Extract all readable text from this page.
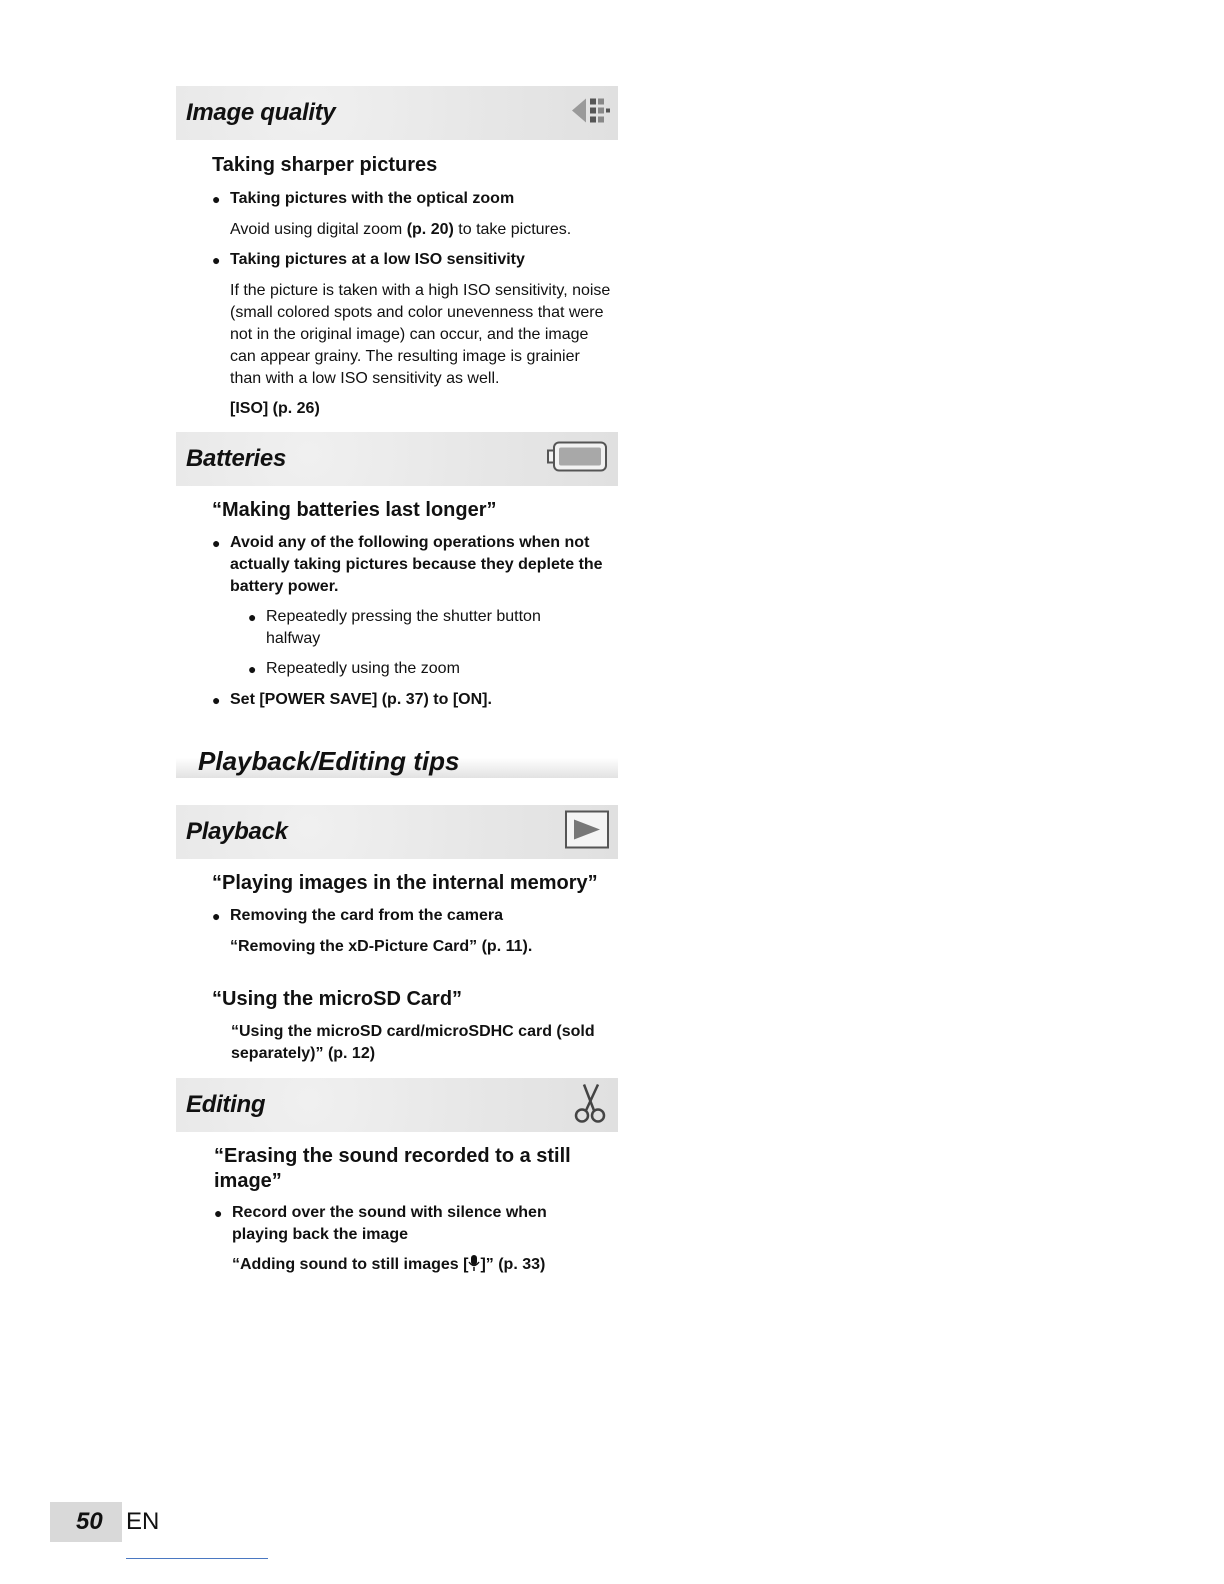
Image quality
Taking sharper pictures
● Taking pictures with the optical zoom
Avoid using digital zoom (p. 20) to take pictures.
● Taking pictures at a low ISO sensitivity
If the picture is taken with a high ISO sensitivity, noise (small colored spots and color unevenness that were not in the original image) can occur, and the image can appear grainy. The resulting image is grainier than with a low ISO sensitivity as well.
[ISO] (p. 26)
Batteries
“Making batteries last longer”
● Avoid any of the following operations when not actually taking pictures because they deplete the battery power.
● Repeatedly pressing the shutter button halfway
● Repeatedly using the zoom
● Set [POWER SAVE] (p. 37) to [ON].
Playback/Editing tips
Playback
“Playing images in the internal memory”
● Removing the card from the camera
“Removing the xD-Picture Card” (p. 11).
“Using the microSD Card”
“Using the microSD card/microSDHC card (sold separately)” (p. 12)
Editing
“Erasing the sound recorded to a still image”
● Record over the sound with silence when playing back the image
“Adding sound to still images [ ]” (p. 33)
50 EN
